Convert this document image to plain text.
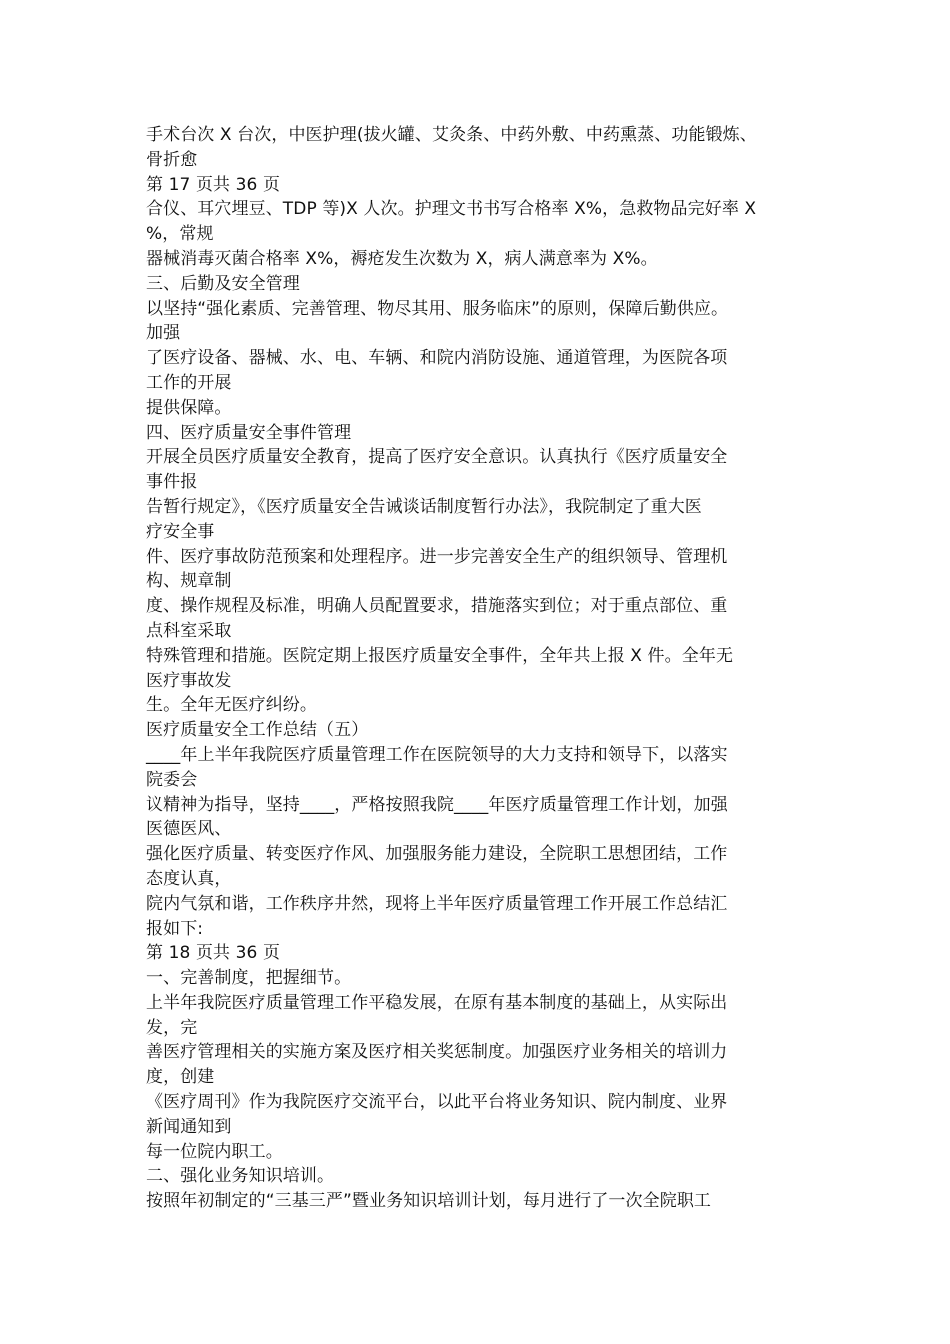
手术台次 X 台次，中医护理(拔火罐、艾灸条、中药外敷、中药熏蒸、功能锻炼、
骨折愈
第 17 页共 36 页
合仪、耳穴埋豆、TDP 等)X 人次。护理文书书写合格率 X%，急救物品完好率 X
%，常规
器械消毒灭菌合格率 X%，褥疮发生次数为 X，病人满意率为 X%。
三、后勤及安全管理
以坚持“强化素质、完善管理、物尽其用、服务临床”的原则，保障后勤供应。
加强
了医疗设备、器械、水、电、车辆、和院内消防设施、通道管理，为医院各项
工作的开展
提供保障。
四、医疗质量安全事件管理
开展全员医疗质量安全教育，提高了医疗安全意识。认真执行《医疗质量安全
事件报
告暂行规定》，《医疗质量安全告诫谈话制度暂行办法》，我院制定了重大医
疗安全事
件、医疗事故防范预案和处理程序。进一步完善安全生产的组织领导、管理机
构、规章制
度、操作规程及标准，明确人员配置要求，措施落实到位；对于重点部位、重
点科室采取
特殊管理和措施。医院定期上报医疗质量安全事件，全年共上报 X 件。全年无
医疗事故发
生。全年无医疗纠纷。
医疗质量安全工作总结（五）
____年上半年我院医疗质量管理工作在医院领导的大力支持和领导下，以落实
院委会
议精神为指导，坚持____，严格按照我院____年医疗质量管理工作计划，加强
医德医风、
强化医疗质量、转变医疗作风、加强服务能力建设，全院职工思想团结，工作
态度认真，
院内气氛和谐，工作秩序井然，现将上半年医疗质量管理工作开展工作总结汇
报如下:
第 18 页共 36 页
一、完善制度，把握细节。
上半年我院医疗质量管理工作平稳发展，在原有基本制度的基础上，从实际出
发，完
善医疗管理相关的实施方案及医疗相关奖惩制度。加强医疗业务相关的培训力
度，创建
《医疗周刊》作为我院医疗交流平台，以此平台将业务知识、院内制度、业界
新闻通知到
每一位院内职工。
二、强化业务知识培训。
按照年初制定的“三基三严”暨业务知识培训计划，每月进行了一次全院职工
